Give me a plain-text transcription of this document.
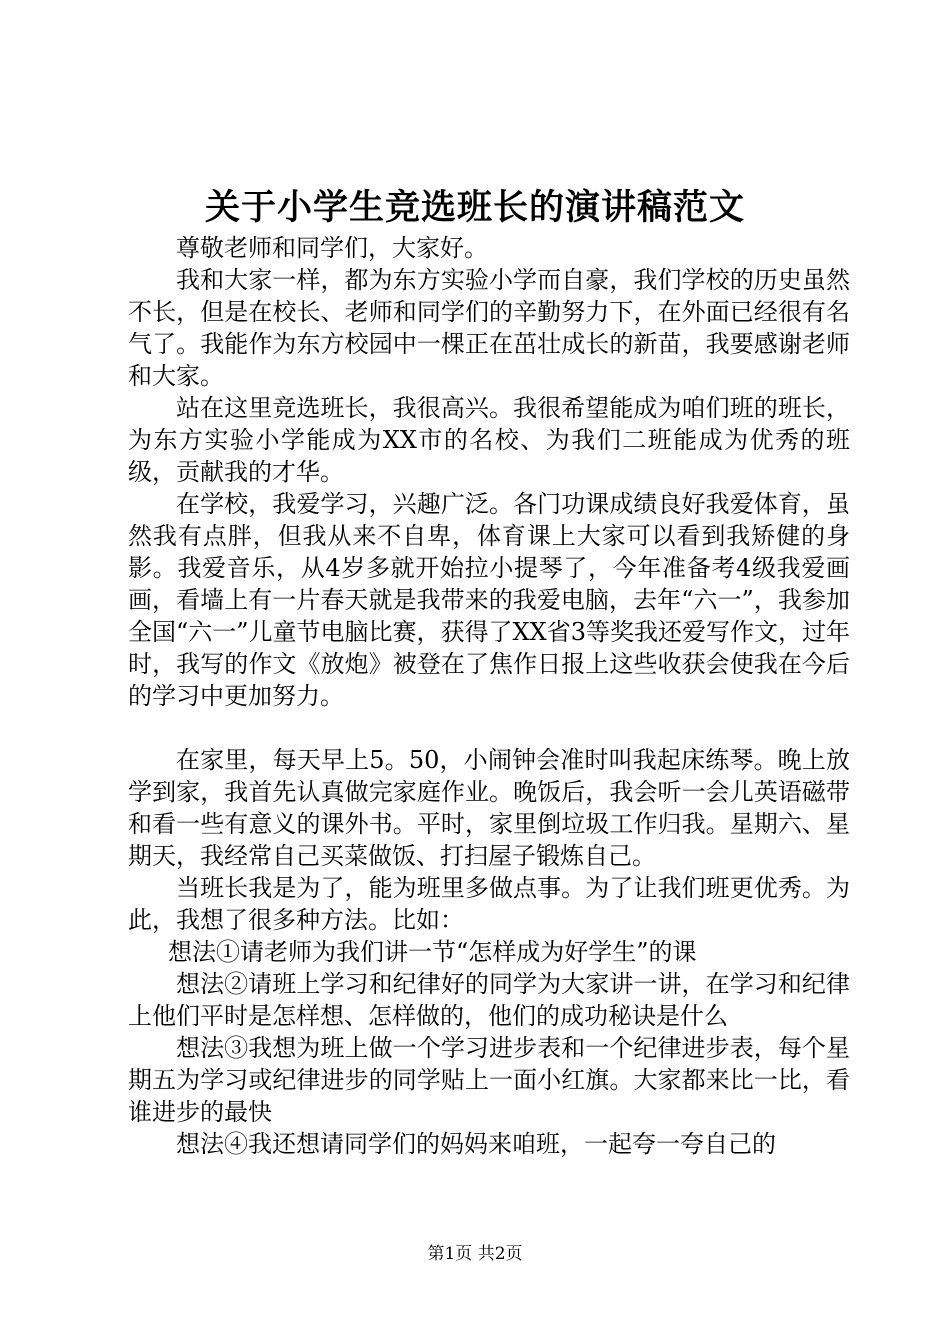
关于小学生竞选班长的演讲稿范文

尊敬老师和同学们，大家好。

我和大家一样，都为东方实验小学而自豪，我们学校的历史虽然不长，但是在校长、老师和同学们的辛勤努力下，在外面已经很有名气了。我能作为东方校园中一棵正在茁壮成长的新苗，我要感谢老师和大家。

站在这里竞选班长，我很高兴。我很希望能成为咱们班的班长，为东方实验小学能成为XX市的名校、为我们二班能成为优秀的班级，贡献我的才华。

在学校，我爱学习，兴趣广泛。各门功课成绩良好我爱体育，虽然我有点胖，但我从来不自卑，体育课上大家可以看到我矫健的身影。我爱音乐，从4岁多就开始拉小提琴了，今年准备考4级我爱画画，看墙上有一片春天就是我带来的我爱电脑，去年“六一”，我参加全国“六一”儿童节电脑比赛，获得了XX省3等奖我还爱写作文，过年时，我写的作文《放炮》被登在了焦作日报上这些收获会使我在今后的学习中更加努力。

在家里，每天早上5。50，小闹钟会准时叫我起床练琴。晚上放学到家，我首先认真做完家庭作业。晚饭后，我会听一会儿英语磁带和看一些有意义的课外书。平时，家里倒垃圾工作归我。星期六、星期天，我经常自己买菜做饭、打扫屋子锻炼自己。

当班长我是为了，能为班里多做点事。为了让我们班更优秀。为此，我想了很多种方法。比如：

想法①请老师为我们讲一节“怎样成为好学生”的课

想法②请班上学习和纪律好的同学为大家讲一讲，在学习和纪律上他们平时是怎样想、怎样做的，他们的成功秘诀是什么

想法③我想为班上做一个学习进步表和一个纪律进步表，每个星期五为学习或纪律进步的同学贴上一面小红旗。大家都来比一比，看谁进步的最快

想法④我还想请同学们的妈妈来咱班，一起夸一夸自己的

第1页 共2页
